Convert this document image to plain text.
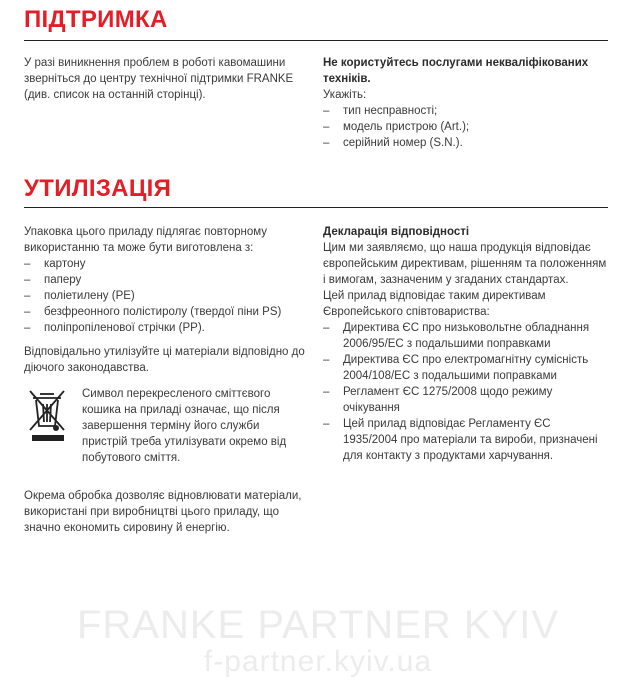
ПІДТРИМКА

У разі виникнення проблем в роботі кавомашини зверніться до центру технічної підтримки FRANKE (див. список на останній сторінці).

Не користуйтесь послугами некваліфікованих техніків.

Укажіть:

– тип несправності;
– модель пристрою (Art.);
– серійний номер (S.N.).
УТИЛІЗАЦІЯ

Упаковка цього приладу підлягає повторному використанню та може бути виготовлена з:

– картону
– паперу
– поліетилену (PE)
– безфреонного полістиролу (твердої піни PS)
– поліпропіленової стрічки (PP).

Відповідально утилізуйте ці матеріали відповідно до діючого законодавства.

Символ перекресленого сміттєвого кошика на приладі означає, що після завершення терміну його служби пристрій треба утилізувати окремо від побутового сміття.

Окрема обробка дозволяє відновлювати матеріали, використані при виробництві цього приладу, що значно економить сировину й енергію.

Декларація відповідності

Цим ми заявляємо, що наша продукція відповідає європейським директивам, рішенням та положенням і вимогам, зазначеним у згаданих стандартах.

Цей прилад відповідає таким директивам Європейського співтовариства:

– Директива ЄС про низьковольтне обладнання 2006/95/ЕС з подальшими поправками
– Директива ЄС про електромагнітну сумісність 2004/108/ЕС з подальшими поправками
– Регламент ЄС 1275/2008 щодо режиму очікування
– Цей прилад відповідає Регламенту ЄС 1935/2004 про матеріали та вироби, призначені для контакту з продуктами харчування.
FRANKE PARTNER KYIV
f-partner.kyiv.ua
